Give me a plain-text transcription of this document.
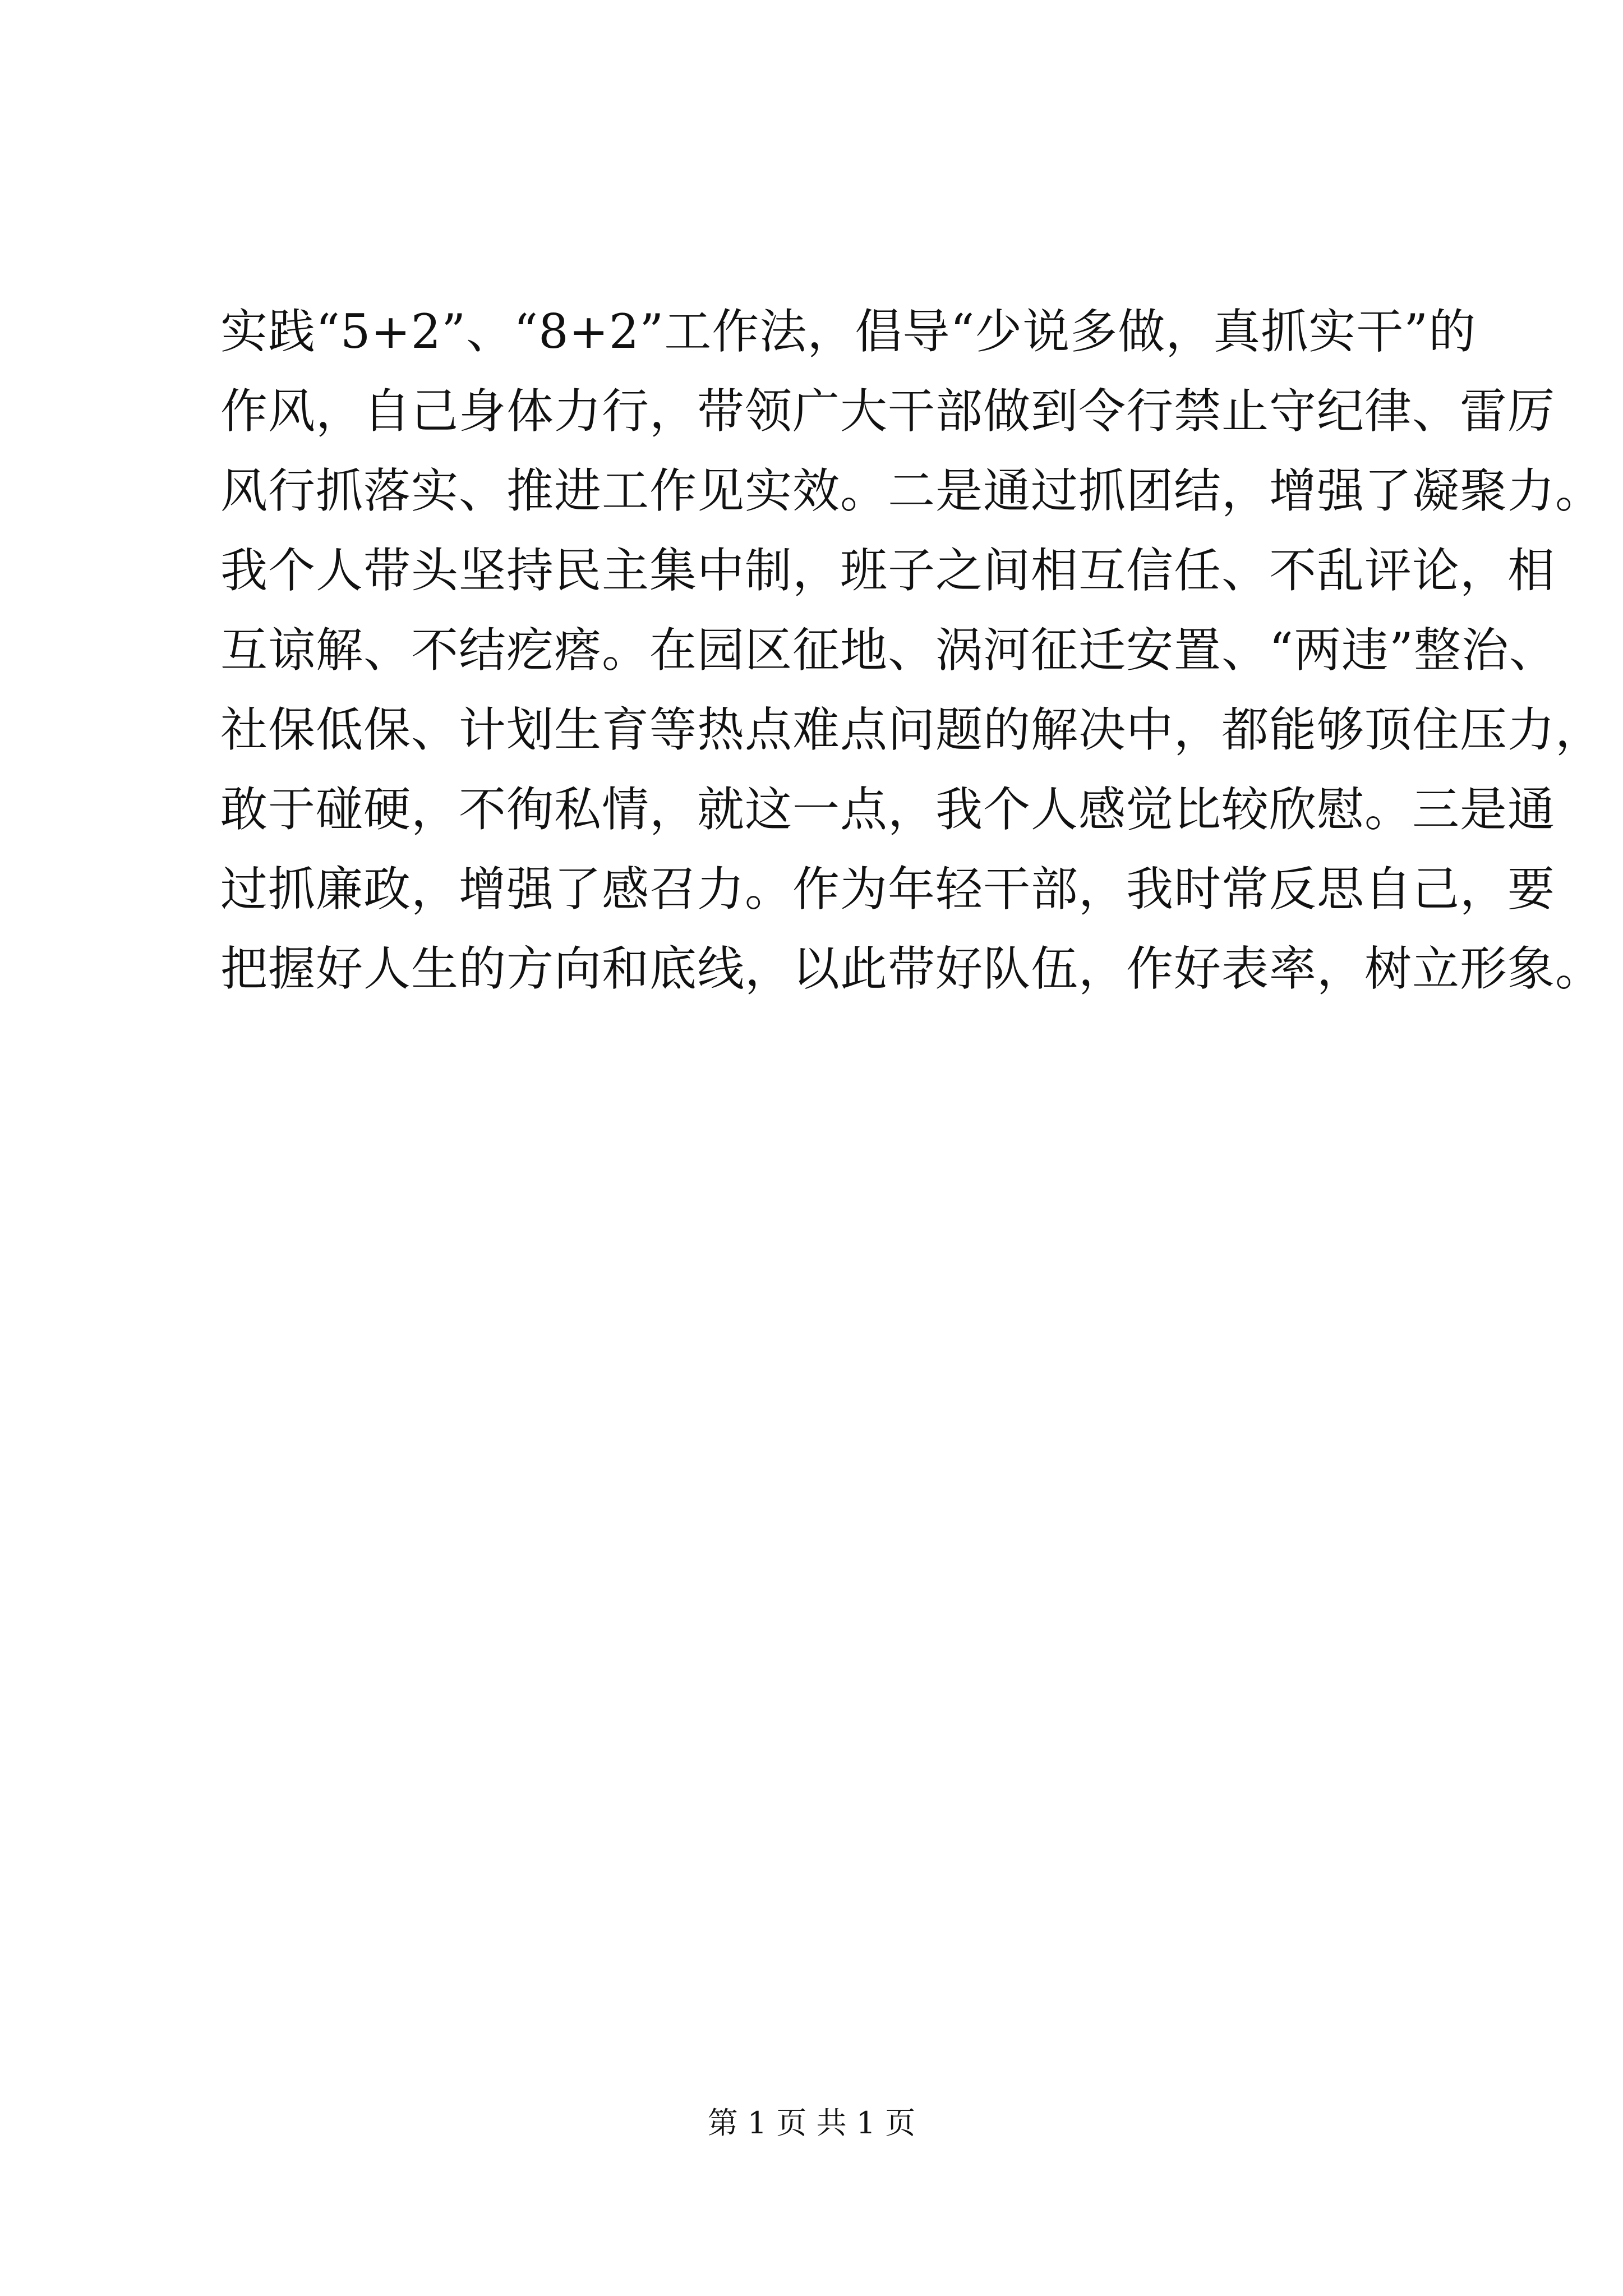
实践“5+2”、“8+2”工作法，倡导“少说多做，真抓实干”的
作风，自己身体力行，带领广大干部做到令行禁止守纪律、雷厉
风行抓落实、推进工作见实效。二是通过抓团结，增强了凝聚力。
我个人带头坚持民主集中制，班子之间相互信任、不乱评论，相
互谅解、不结疙瘩。在园区征地、涡河征迁安置、“两违”整治、
社保低保、计划生育等热点难点问题的解决中，都能够顶住压力，
敢于碰硬，不徇私情，就这一点，我个人感觉比较欣慰。三是通
过抓廉政，增强了感召力。作为年轻干部，我时常反思自己，要
把握好人生的方向和底线，以此带好队伍，作好表率，树立形象。
第 1 页 共 1 页
